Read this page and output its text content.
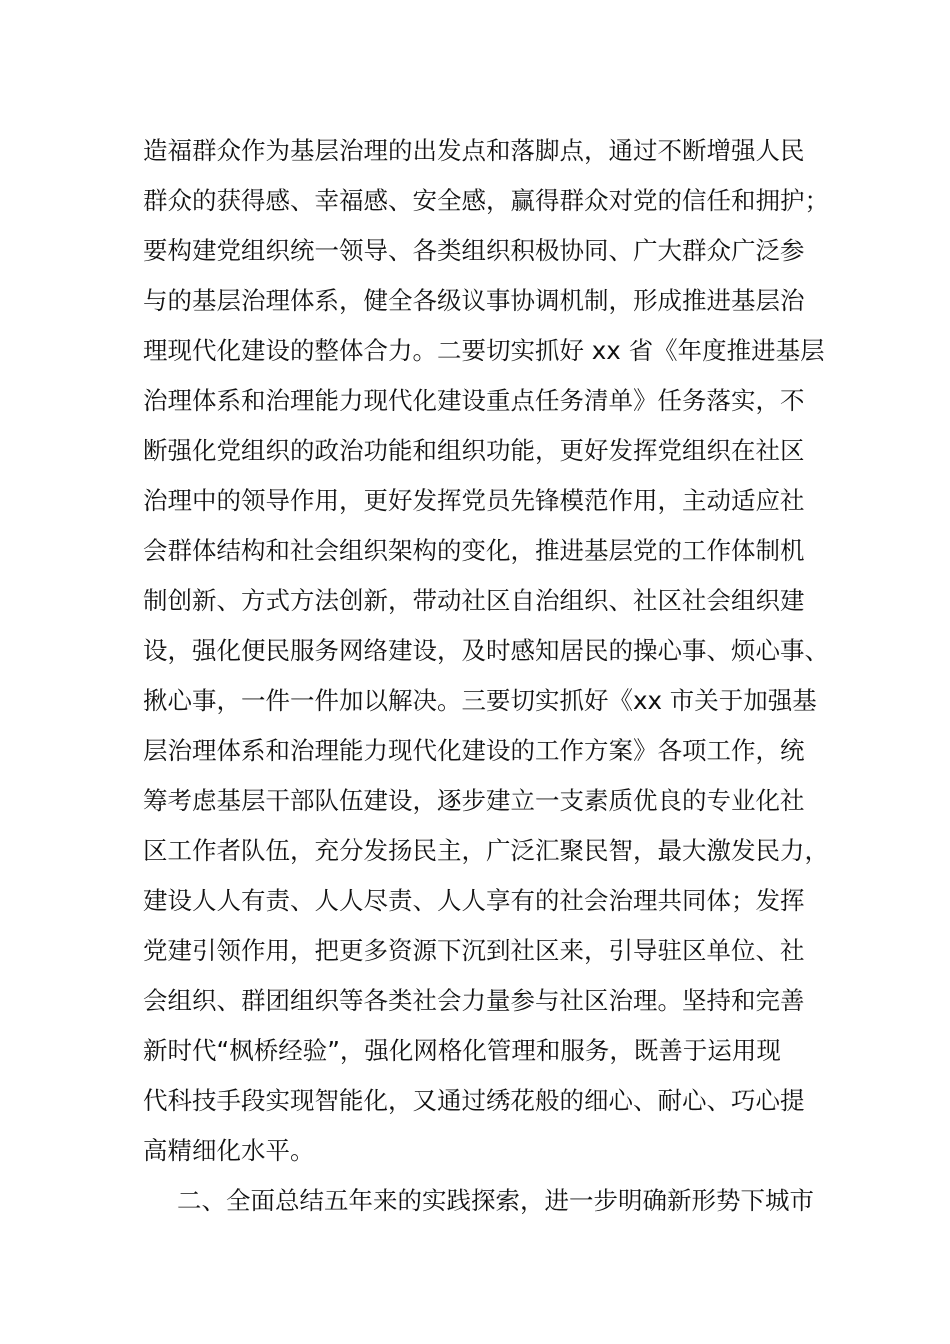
造福群众作为基层治理的出发点和落脚点，通过不断增强人民
群众的获得感、幸福感、安全感，赢得群众对党的信任和拥护；
要构建党组织统一领导、各类组织积极协同、广大群众广泛参
与的基层治理体系，健全各级议事协调机制，形成推进基层治
理现代化建设的整体合力。二要切实抓好 xx 省《年度推进基层
治理体系和治理能力现代化建设重点任务清单》任务落实，不
断强化党组织的政治功能和组织功能，更好发挥党组织在社区
治理中的领导作用，更好发挥党员先锋模范作用，主动适应社
会群体结构和社会组织架构的变化，推进基层党的工作体制机
制创新、方式方法创新，带动社区自治组织、社区社会组织建
设，强化便民服务网络建设，及时感知居民的操心事、烦心事、
揪心事，一件一件加以解决。三要切实抓好《xx 市关于加强基
层治理体系和治理能力现代化建设的工作方案》各项工作，统
筹考虑基层干部队伍建设，逐步建立一支素质优良的专业化社
区工作者队伍，充分发扬民主，广泛汇聚民智，最大激发民力，
建设人人有责、人人尽责、人人享有的社会治理共同体；发挥
党建引领作用，把更多资源下沉到社区来，引导驻区单位、社
会组织、群团组织等各类社会力量参与社区治理。坚持和完善
新时代“枫桥经验”，强化网格化管理和服务，既善于运用现
代科技手段实现智能化，又通过绣花般的细心、耐心、巧心提
高精细化水平。
二、全面总结五年来的实践探索，进一步明确新形势下城市
